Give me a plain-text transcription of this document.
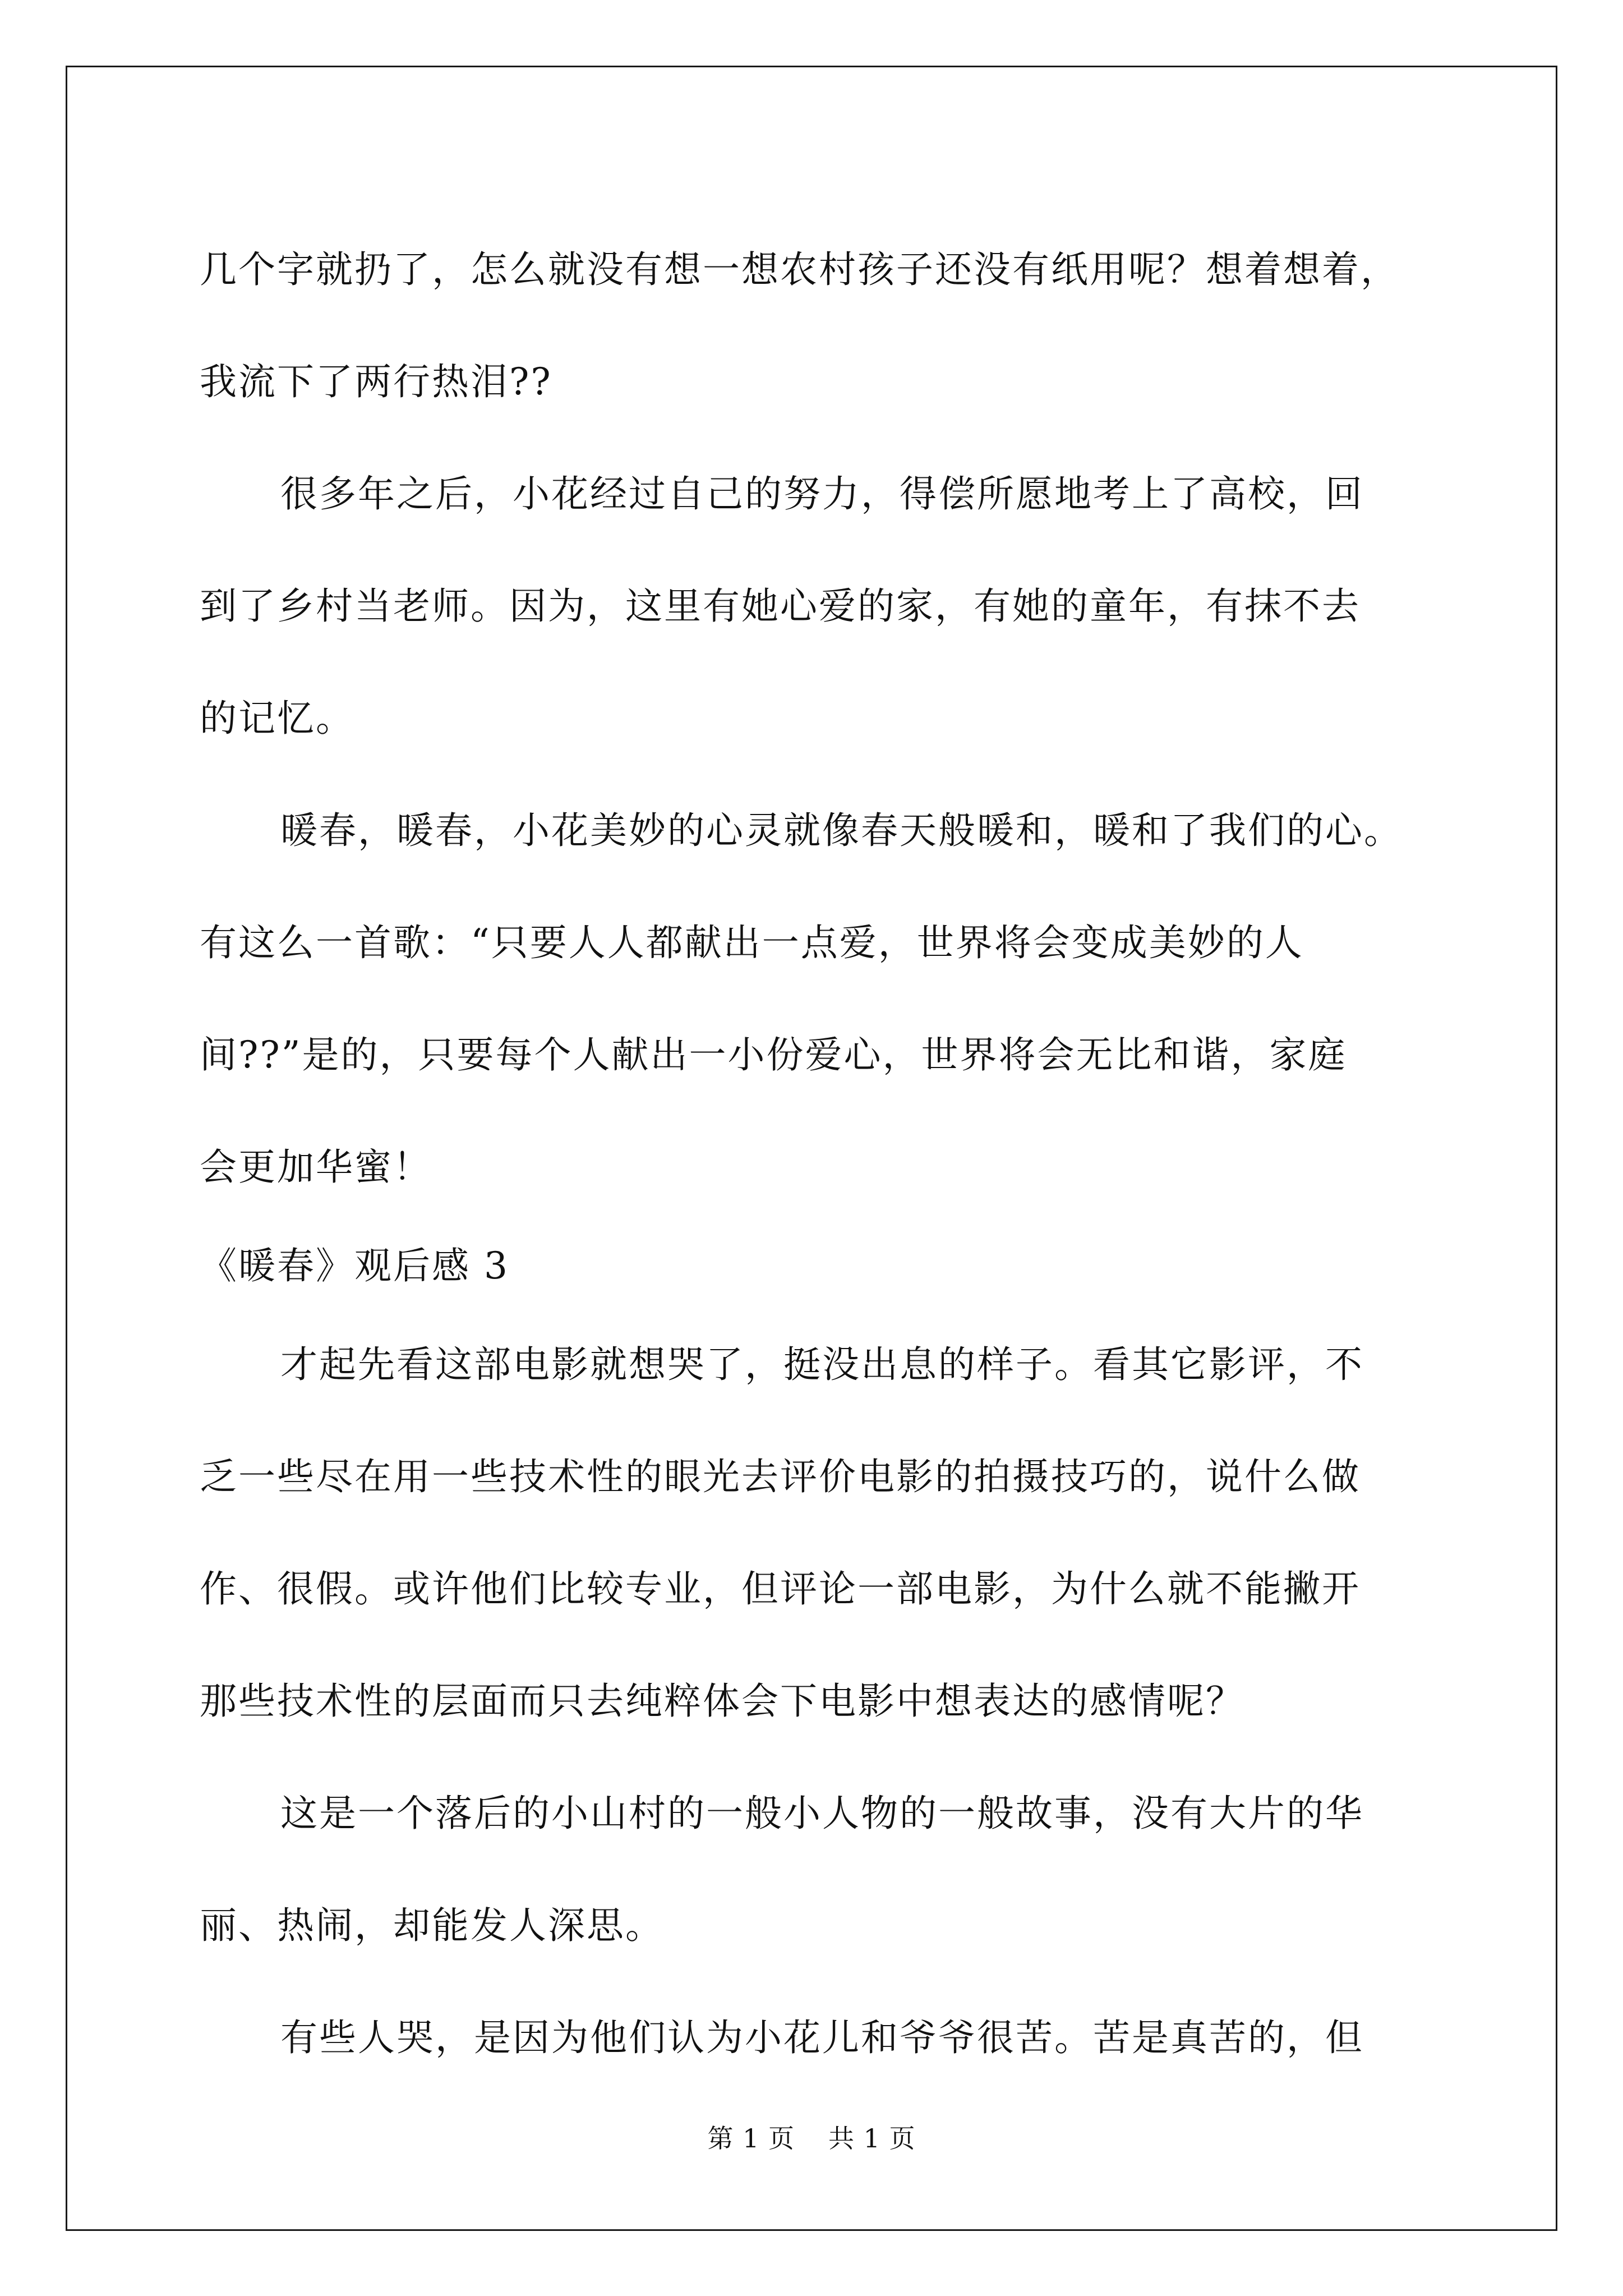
几个字就扔了，怎么就没有想一想农村孩子还没有纸用呢？想着想着，
我流下了两行热泪??
很多年之后，小花经过自己的努力，得偿所愿地考上了高校，回
到了乡村当老师。因为，这里有她心爱的家，有她的童年，有抹不去
的记忆。
暖春，暖春，小花美妙的心灵就像春天般暖和，暖和了我们的心。
有这么一首歌：“只要人人都献出一点爱，世界将会变成美妙的人
间??”是的，只要每个人献出一小份爱心，世界将会无比和谐，家庭
会更加华蜜！
《暖春》观后感 3
才起先看这部电影就想哭了，挺没出息的样子。看其它影评，不
乏一些尽在用一些技术性的眼光去评价电影的拍摄技巧的，说什么做
作、很假。或许他们比较专业，但评论一部电影，为什么就不能撇开
那些技术性的层面而只去纯粹体会下电影中想表达的感情呢？
这是一个落后的小山村的一般小人物的一般故事，没有大片的华
丽、热闹，却能发人深思。
有些人哭，是因为他们认为小花儿和爷爷很苦。苦是真苦的，但
第 1 页 共 1 页
